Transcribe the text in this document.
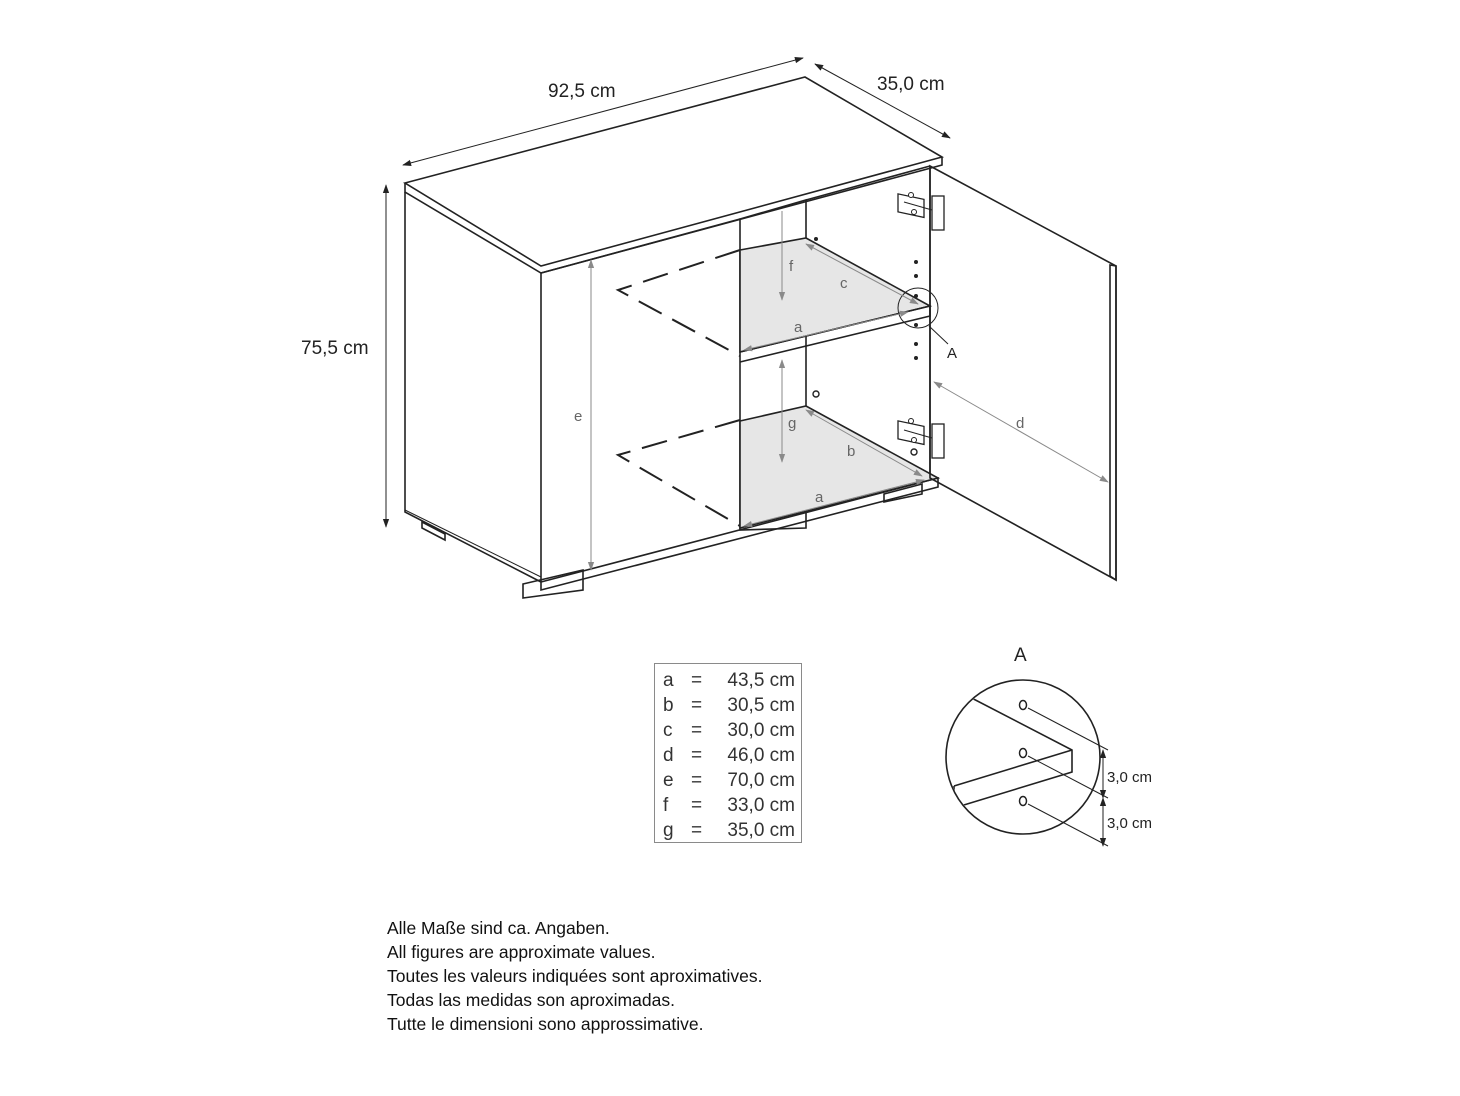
92,5 cm	35,0 cm
75,5 cm	A
e
f
g
c
a
b
a
d
A
3,0 cm
3,0 cm
a =	43,5 cm
b =	30,5 cm
c =	30,0 cm
d =	46,0 cm
e =	70,0 cm
f	=	33,0 cm
g =	35,0 cm
Alle Maße sind ca. Angaben.
All figures are approximate values.
Toutes les valeurs indiquées sont aproximatives.
Todas las medidas son aproximadas.
Tutte le dimensioni sono approssimative.
